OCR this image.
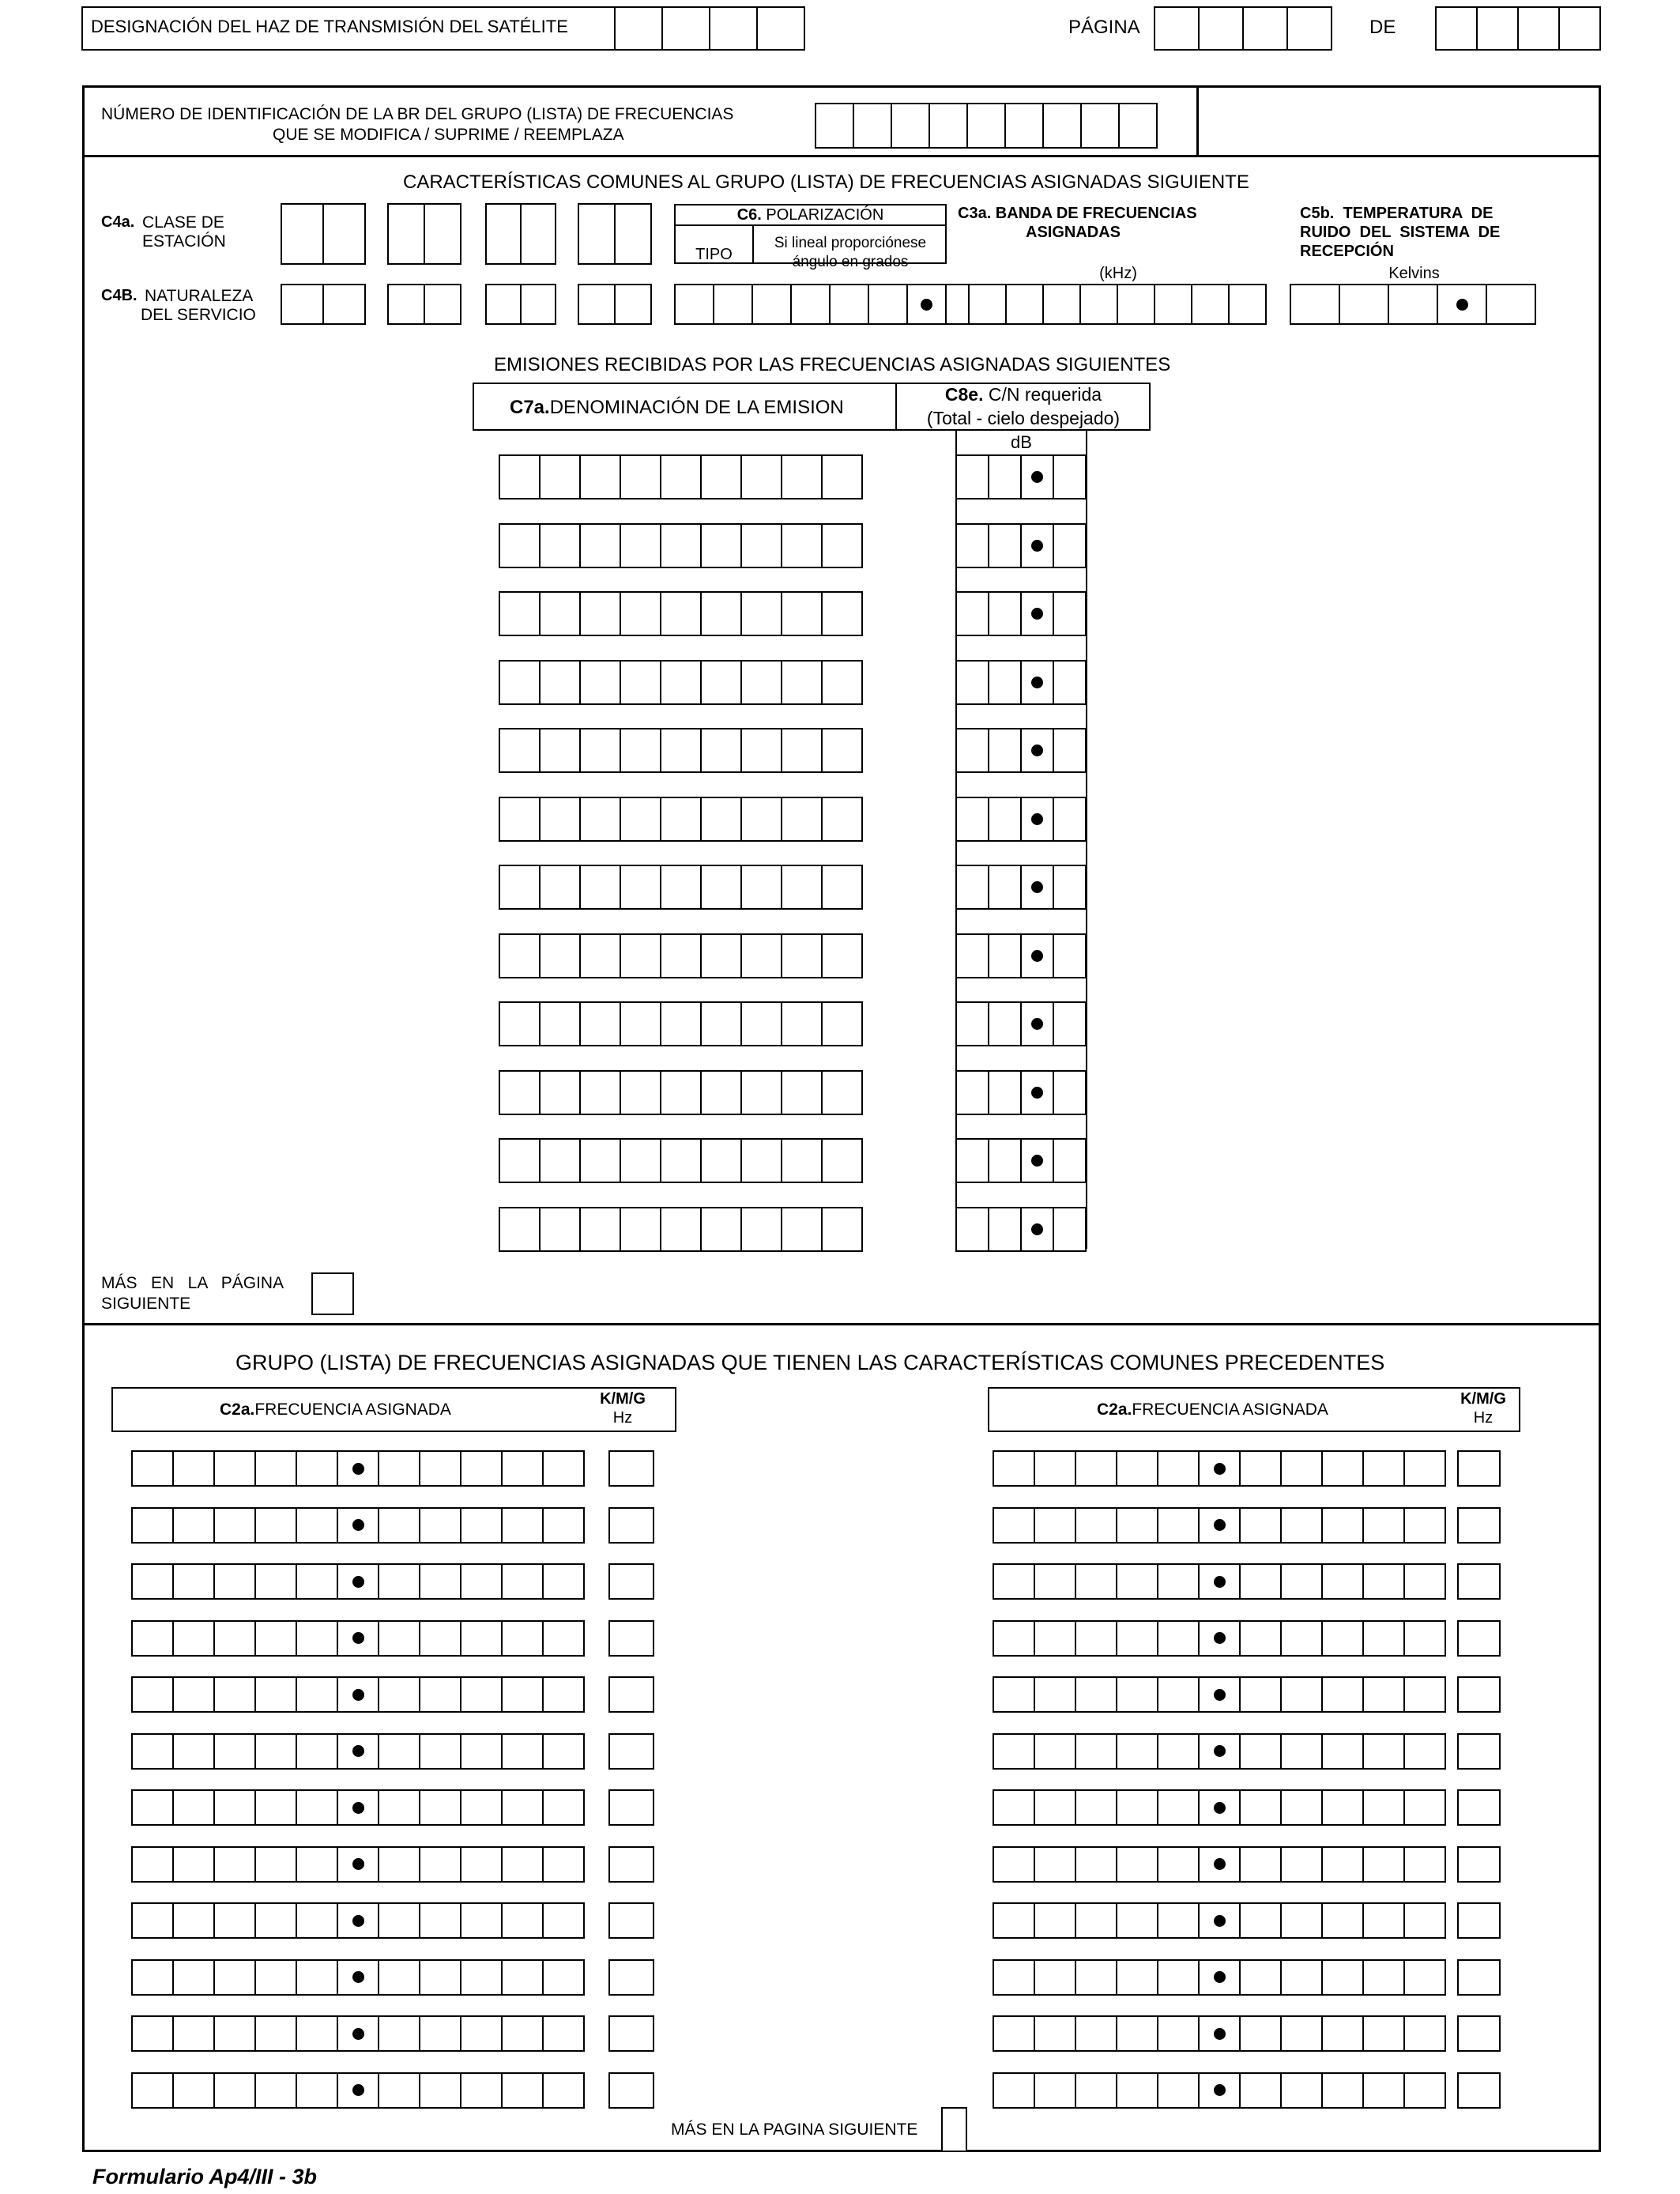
DESIGNACIÓN DEL HAZ DE TRANSMISIÓN DEL SATÉLITE	PÁGINA	DE
NÚMERO DE IDENTIFICACIÓN DE LA BR DEL GRUPO (LISTA) DE FRECUENCIAS
QUE SE MODIFICA / SUPRIME / REEMPLAZA
CARACTERÍSTICAS COMUNES AL GRUPO (LISTA) DE FRECUENCIAS ASIGNADAS SIGUIENTE
C4a. CLASE DE
ESTACIÓN
C4B. NATURALEZA
DEL SERVICIO
C6. POLARIZACIÓN
TIPO
Si lineal proporciónese
ángulo en grados
C3a. BANDA DE FRECUENCIAS
ASIGNADAS
(kHz)
C5b.  TEMPERATURA  DE
RUIDO  DEL  SISTEMA  DE
RECEPCIÓN
Kelvins
EMISIONES RECIBIDAS POR LAS FRECUENCIAS ASIGNADAS SIGUIENTES
C7a.DENOMINACIÓN DE LA EMISION
C8e. C/N requerida
(Total - cielo despejado)
dB
MÁS   EN   LA   PÁGINA
SIGUIENTE
GRUPO (LISTA) DE FRECUENCIAS ASIGNADAS QUE TIENEN LAS CARACTERÍSTICAS COMUNES PRECEDENTES
C2a.FRECUENCIA ASIGNADA
K/M/G
Hz	C2a.FRECUENCIA ASIGNADA
K/M/G
Hz
MÁS EN LA PAGINA SIGUIENTE
Formulario Ap4/III - 3b
